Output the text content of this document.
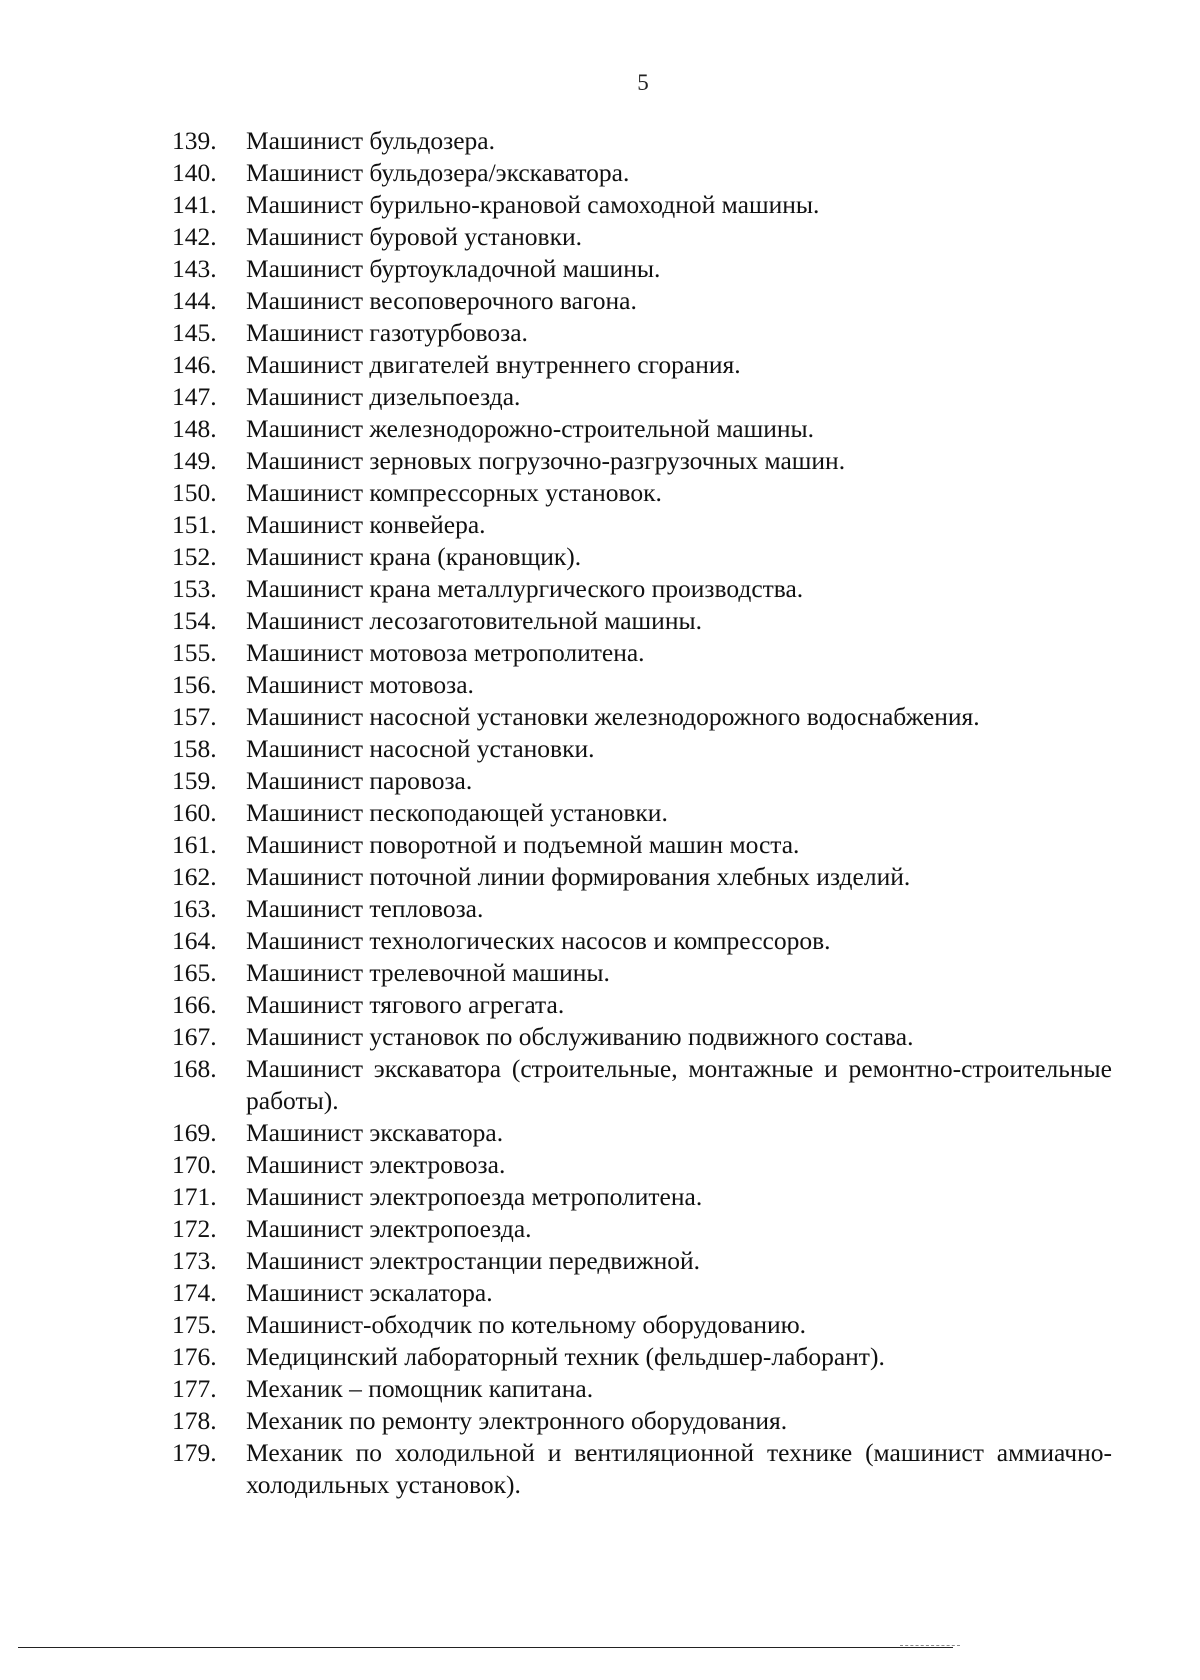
5
139.	Машинист бульдозера.
140.	Машинист бульдозера/экскаватора.
141.	Машинист бурильно-крановой самоходной машины.
142.	Машинист буровой установки.
143.	Машинист буртоукладочной машины.
144.	Машинист весоповерочного вагона.
145.	Машинист газотурбовоза.
146.	Машинист двигателей внутреннего сгорания.
147.	Машинист дизельпоезда.
148.	Машинист железнодорожно-строительной машины.
149.	Машинист зерновых погрузочно-разгрузочных машин.
150.	Машинист компрессорных установок.
151.	Машинист конвейера.
152.	Машинист крана (крановщик).
153.	Машинист крана металлургического производства.
154.	Машинист лесозаготовительной машины.
155.	Машинист мотовоза метрополитена.
156.	Машинист мотовоза.
157.	Машинист насосной установки железнодорожного водоснабжения.
158.	Машинист насосной установки.
159.	Машинист паровоза.
160.	Машинист пескоподающей установки.
161.	Машинист поворотной и подъемной машин моста.
162.	Машинист поточной линии формирования хлебных изделий.
163.	Машинист тепловоза.
164.	Машинист технологических насосов и компрессоров.
165.	Машинист трелевочной машины.
166.	Машинист тягового агрегата.
167.	Машинист установок по обслуживанию подвижного состава.
168.	Машинист экскаватора (строительные, монтажные и ремонтно-строительные работы).
169.	Машинист экскаватора.
170.	Машинист электровоза.
171.	Машинист электропоезда метрополитена.
172.	Машинист электропоезда.
173.	Машинист электростанции передвижной.
174.	Машинист эскалатора.
175.	Машинист-обходчик по котельному оборудованию.
176.	Медицинский лабораторный техник (фельдшер-лаборант).
177.	Механик – помощник капитана.
178.	Механик по ремонту электронного оборудования.
179.	Механик по холодильной и вентиляционной технике (машинист аммиачно-холодильных установок).
